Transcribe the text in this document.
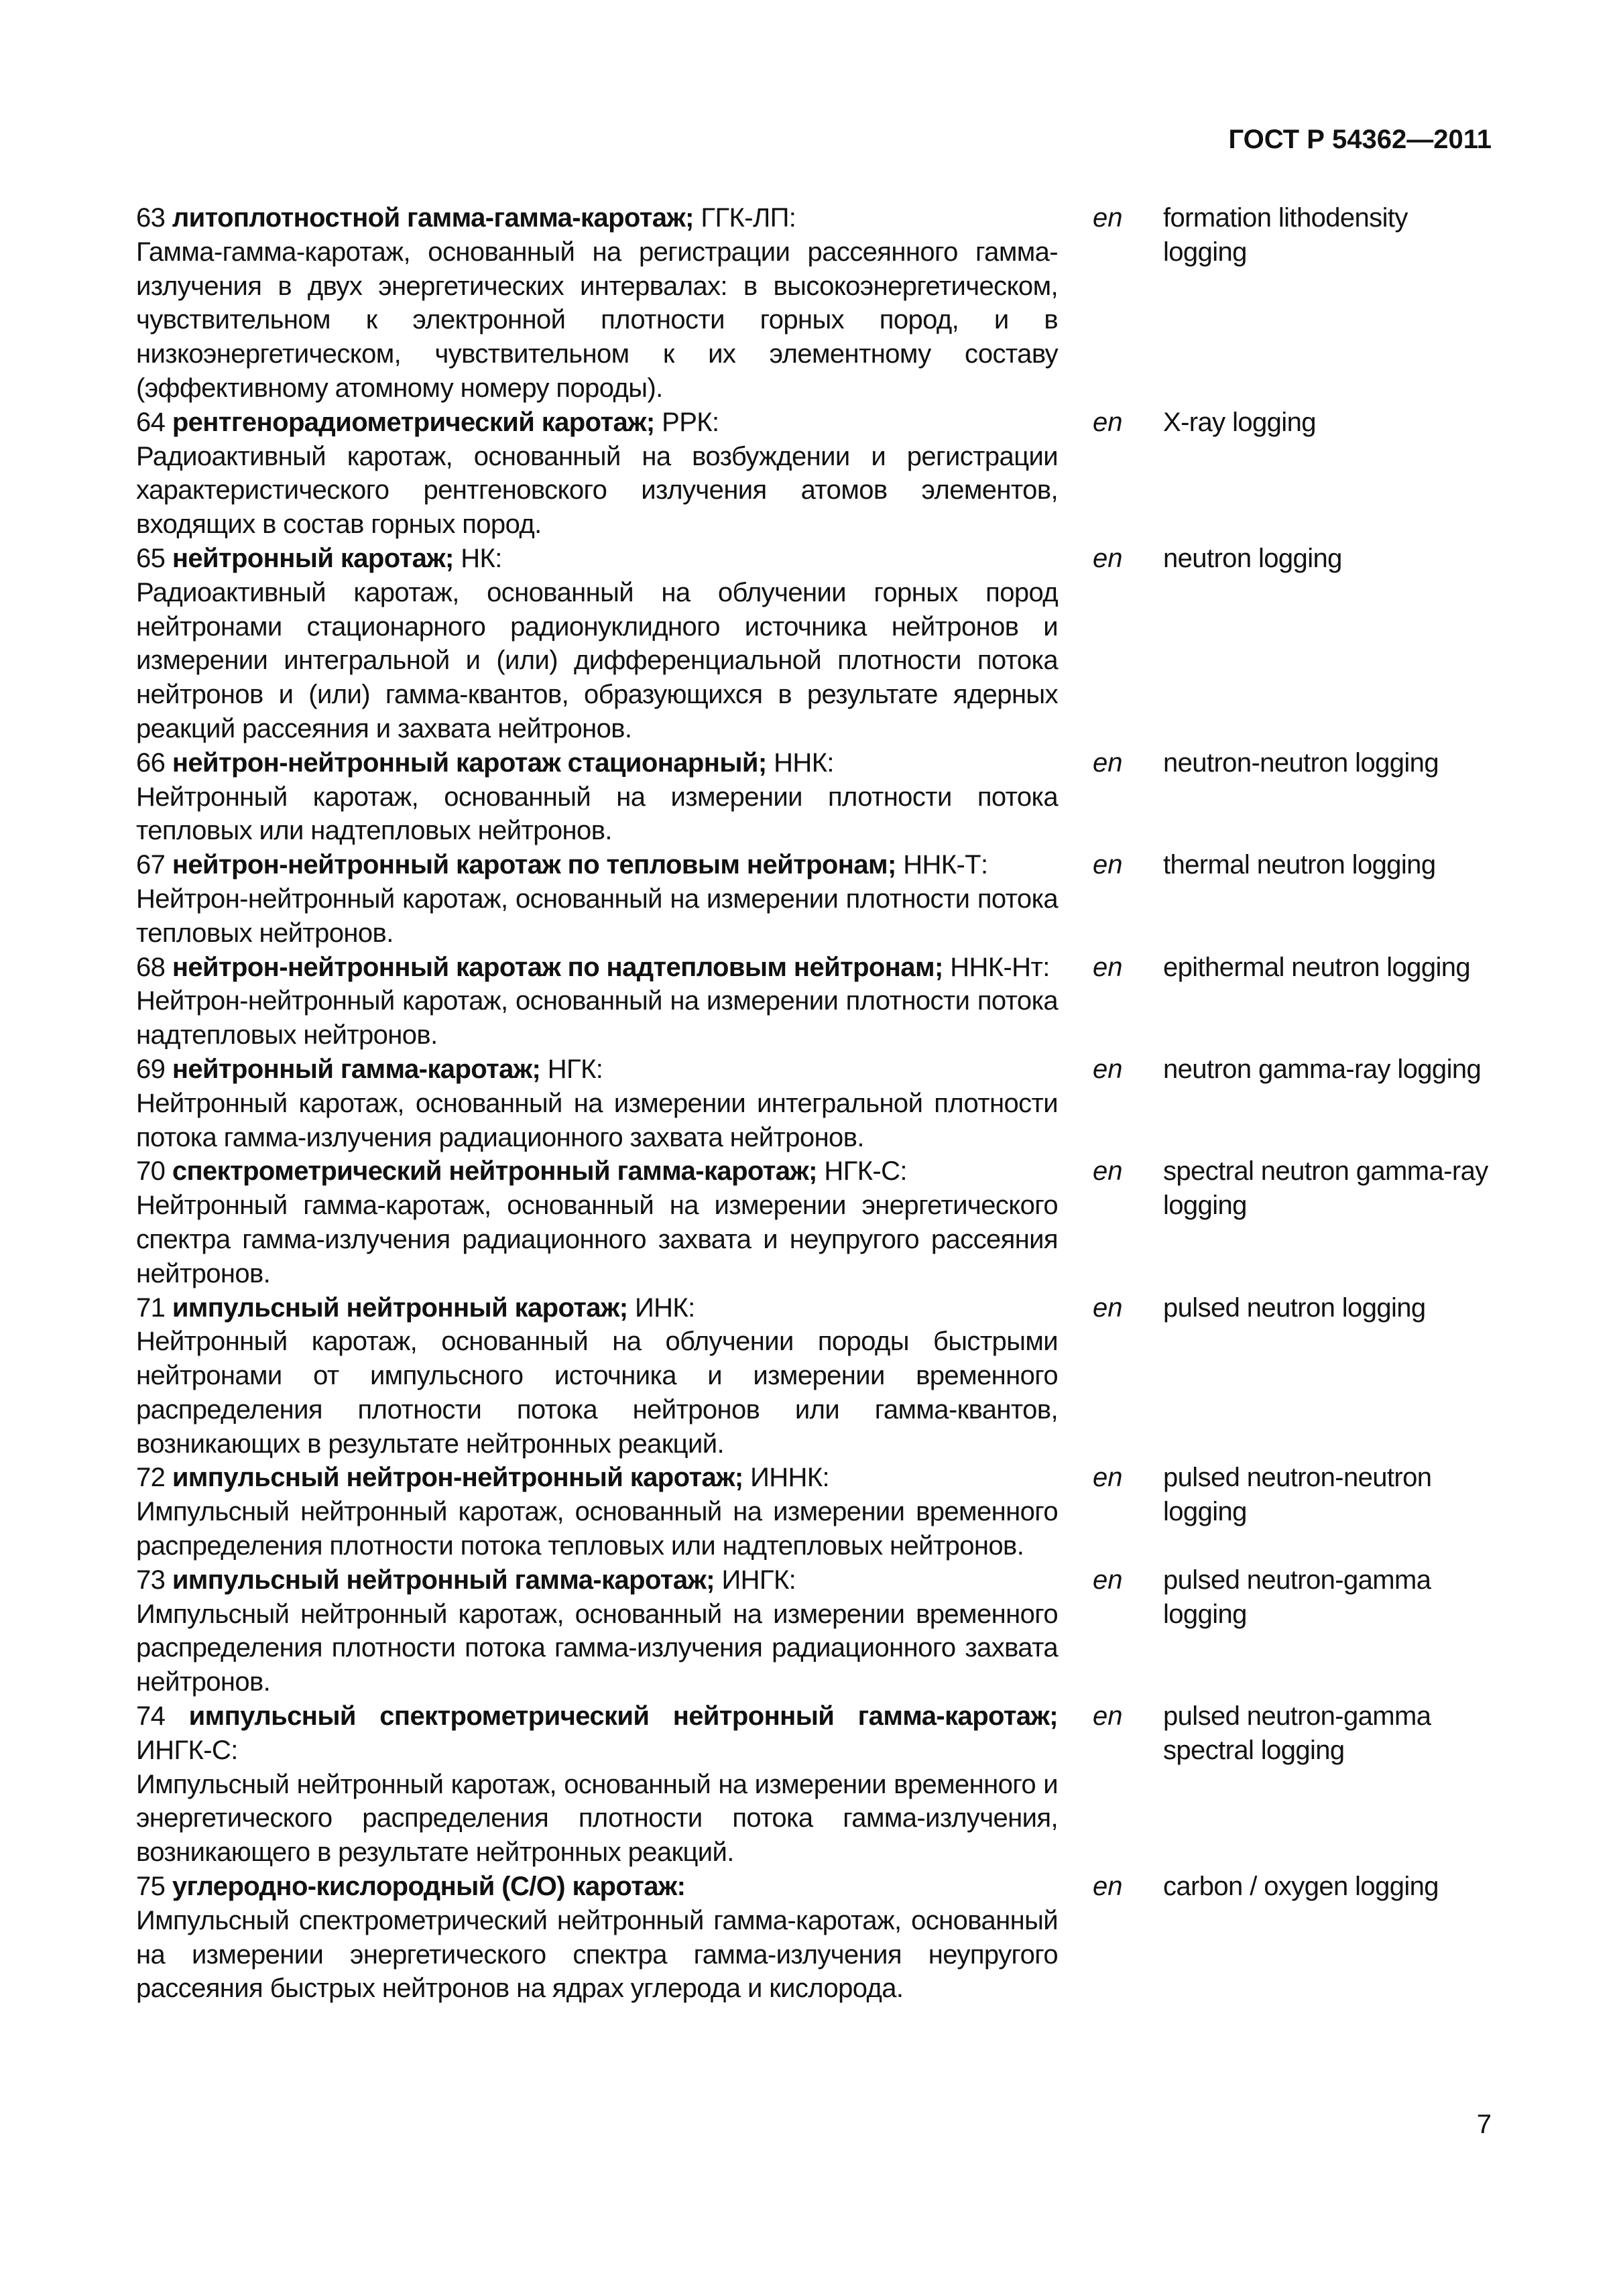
ГОСТ Р 54362—2011
63 литоплотностной гамма-гамма-каротаж; ГГК-ЛП:
Гамма-гамма-каротаж, основанный на регистрации рассеянного гамма-излучения в двух энергетических интервалах: в высокоэнергетическом, чувствительном к электронной плотности горных пород, и в низкоэнергетическом, чувствительном к их элементному составу (эффективному атомному номеру породы).
en	formation lithodensity logging
64 рентгенорадиометрический каротаж; РРК:
Радиоактивный каротаж, основанный на возбуждении и регистрации характеристического рентгеновского излучения атомов элементов, входящих в состав горных пород.
en	X-ray logging
65 нейтронный каротаж; НК:
Радиоактивный каротаж, основанный на облучении горных пород нейтронами стационарного радионуклидного источника нейтронов и измерении интегральной и (или) дифференциальной плотности потока нейтронов и (или) гамма-квантов, образующихся в результате ядерных реакций рассеяния и захвата нейтронов.
en	neutron logging
66 нейтрон-нейтронный каротаж стационарный; ННК:
Нейтронный каротаж, основанный на измерении плотности потока тепловых или надтепловых нейтронов.
en	neutron-neutron logging
67 нейтрон-нейтронный каротаж по тепловым нейтронам; ННК-Т:
Нейтрон-нейтронный каротаж, основанный на измерении плотности потока тепловых нейтронов.
en	thermal neutron logging
68 нейтрон-нейтронный каротаж по надтепловым нейтронам; ННК-Нт:
Нейтрон-нейтронный каротаж, основанный на измерении плотности потока надтепловых нейтронов.
en	epithermal neutron logging
69 нейтронный гамма-каротаж; НГК:
Нейтронный каротаж, основанный на измерении интегральной плотности потока гамма-излучения радиационного захвата нейтронов.
en	neutron gamma-ray logging
70 спектрометрический нейтронный гамма-каротаж; НГК-С:
Нейтронный гамма-каротаж, основанный на измерении энергетического спектра гамма-излучения радиационного захвата и неупругого рассеяния нейтронов.
en	spectral neutron gamma-ray logging
71 импульсный нейтронный каротаж; ИНК:
Нейтронный каротаж, основанный на облучении породы быстрыми нейтронами от импульсного источника и измерении временного распределения плотности потока нейтронов или гамма-квантов, возникающих в результате нейтронных реакций.
en	pulsed neutron logging
72 импульсный нейтрон-нейтронный каротаж; ИННК:
Импульсный нейтронный каротаж, основанный на измерении временного распределения плотности потока тепловых или надтепловых нейтронов.
en	pulsed neutron-neutron logging
73 импульсный нейтронный гамма-каротаж; ИНГК:
Импульсный нейтронный каротаж, основанный на измерении временного распределения плотности потока гамма-излучения радиационного захвата нейтронов.
en	pulsed neutron-gamma logging
74 импульсный спектрометрический нейтронный гамма-каротаж; ИНГК-С:
Импульсный нейтронный каротаж, основанный на измерении временного и энергетического распределения плотности потока гамма-излучения, возникающего в результате нейтронных реакций.
en	pulsed neutron-gamma spectral logging
75 углеродно-кислородный (С/О) каротаж:
Импульсный спектрометрический нейтронный гамма-каротаж, основанный на измерении энергетического спектра гамма-излучения неупругого рассеяния быстрых нейтронов на ядрах углерода и кислорода.
en	carbon / oxygen logging
7
